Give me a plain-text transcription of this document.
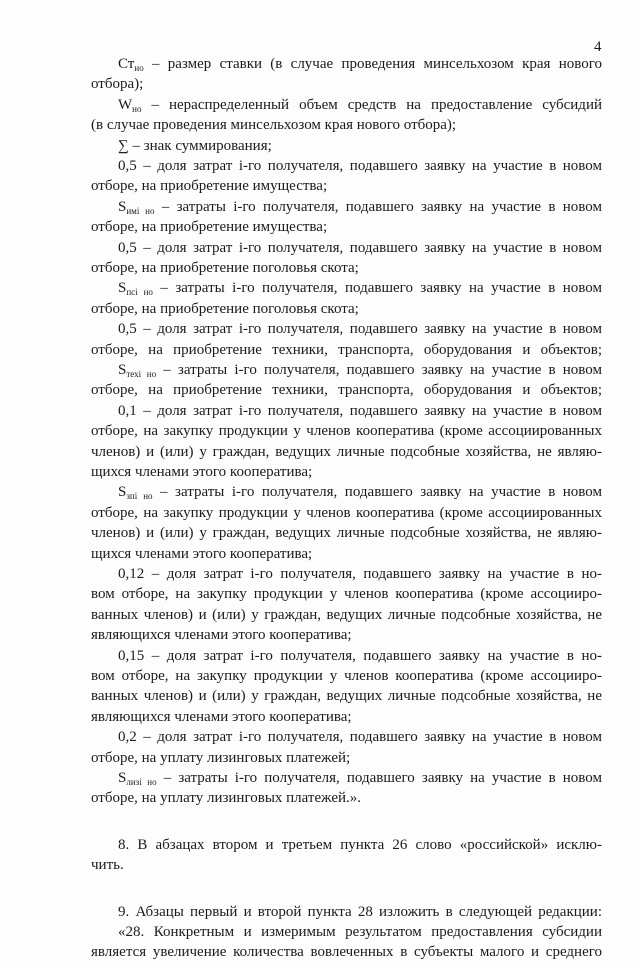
4
$Ст_{ио}$ – размер ставки (в случае проведения минсельхозом края нового
отбора);
$W_{но}$ – нераспределенный объем средств на предоставление субсидий
(в случае проведения минсельхозом края нового отбора);
∑ – знак суммирования;
0,5 – доля затрат i-го получателя, подавшего заявку на участие в новом
отборе, на приобретение имущества;
$S_{имi но}$ – затраты i-го получателя, подавшего заявку на участие в новом
отборе, на приобретение имущества;
0,5 – доля затрат i-го получателя, подавшего заявку на участие в новом
отборе, на приобретение поголовья скота;
$S_{псi но}$ – затраты i-го получателя, подавшего заявку на участие в новом
отборе, на приобретение поголовья скота;
0,5 – доля затрат i-го получателя, подавшего заявку на участие в новом
отборе, на приобретение техники, транспорта, оборудования и объектов;
$S_{техi но}$ – затраты i-го получателя, подавшего заявку на участие в новом
отборе, на приобретение техники, транспорта, оборудования и объектов;
0,1 – доля затрат i-го получателя, подавшего заявку на участие в новом
отборе, на закупку продукции у членов кооператива (кроме ассоциированных
членов) и (или) у граждан, ведущих личные подсобные хозяйства, не являю-
щихся членами этого кооператива;
$S_{зпi но}$ – затраты i-го получателя, подавшего заявку на участие в новом
отборе, на закупку продукции у членов кооператива (кроме ассоциированных
членов) и (или) у граждан, ведущих личные подсобные хозяйства, не являю-
щихся членами этого кооператива;
0,12 – доля затрат i-го получателя, подавшего заявку на участие в но-
вом отборе, на закупку продукции у членов кооператива (кроме ассоцииро-
ванных членов) и (или) у граждан, ведущих личные подсобные хозяйства, не
являющихся членами этого кооператива;
0,15 – доля затрат i-го получателя, подавшего заявку на участие в но-
вом отборе, на закупку продукции у членов кооператива (кроме ассоцииро-
ванных членов) и (или) у граждан, ведущих личные подсобные хозяйства, не
являющихся членами этого кооператива;
0,2 – доля затрат i-го получателя, подавшего заявку на участие в новом
отборе, на уплату лизинговых платежей;
$S_{лизi но}$ – затраты i-го получателя, подавшего заявку на участие в новом
отборе, на уплату лизинговых платежей.».
8. В абзацах втором и третьем пункта 26 слово «российской» исклю-
чить.
9. Абзацы первый и второй пункта 28 изложить в следующей редакции:
«28. Конкретным и измеримым результатом предоставления субсидии
является увеличение количества вовлеченных в субъекты малого и среднего
